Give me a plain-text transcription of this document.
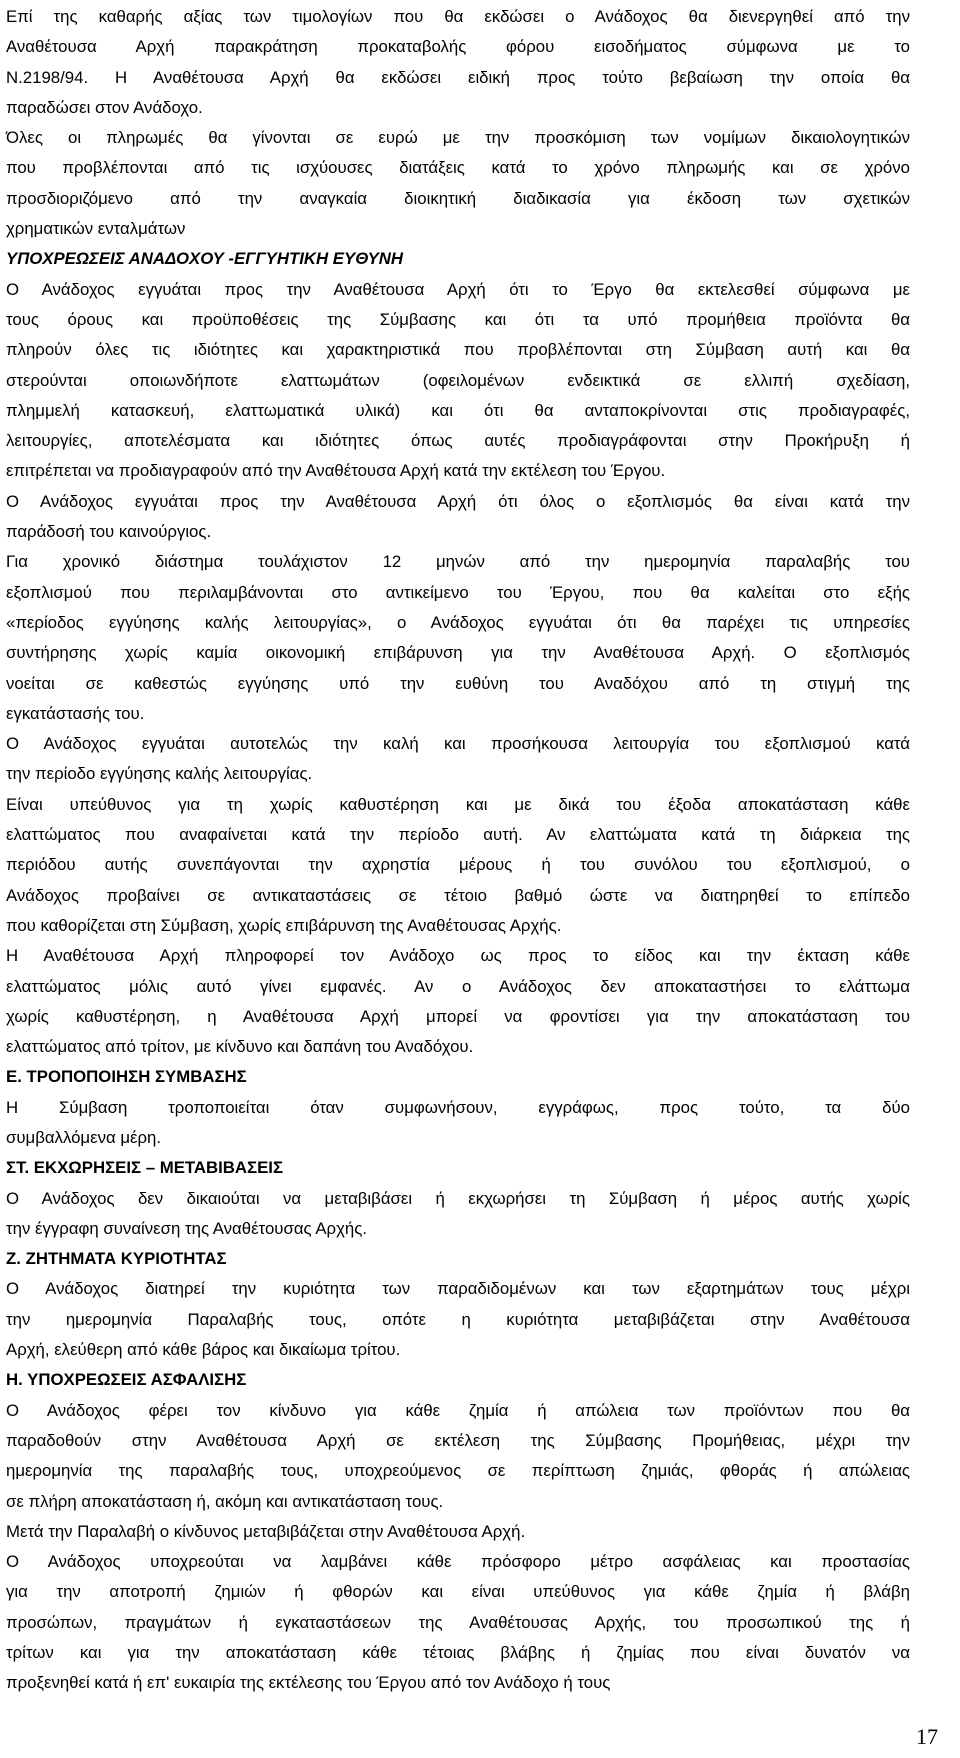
Επί της καθαρής αξίας των τιμολογίων που θα εκδώσει ο Ανάδοχος θα διενεργηθεί από την
Αναθέτουσα Αρχή παρακράτηση προκαταβολής φόρου εισοδήματος σύμφωνα με το
Ν.2198/94. Η Αναθέτουσα Αρχή θα εκδώσει ειδική προς τούτο βεβαίωση την οποία θα
παραδώσει στον Ανάδοχο.
Όλες οι πληρωμές θα γίνονται σε ευρώ με την προσκόμιση των νομίμων δικαιολογητικών
που προβλέπονται από τις ισχύουσες διατάξεις κατά το χρόνο πληρωμής και σε χρόνο
προσδιοριζόμενο από την αναγκαία διοικητική διαδικασία για έκδοση των σχετικών
χρηματικών ενταλμάτων
ΥΠΟΧΡΕΩΣΕΙΣ ΑΝΑΔΟΧΟΥ -ΕΓΓΥΗΤΙΚΗ ΕΥΘΥΝΗ
Ο Ανάδοχος εγγυάται προς την Αναθέτουσα Αρχή ότι το Έργο θα εκτελεσθεί σύμφωνα με
τους όρους και προϋποθέσεις της Σύμβασης και ότι τα υπό προμήθεια προϊόντα θα
πληρούν όλες τις ιδιότητες και χαρακτηριστικά που προβλέπονται στη Σύμβαση αυτή και θα
στερούνται οποιωνδήποτε ελαττωμάτων (οφειλομένων ενδεικτικά σε ελλιπή σχεδίαση,
πλημμελή κατασκευή, ελαττωματικά υλικά) και ότι θα ανταποκρίνονται στις προδιαγραφές,
λειτουργίες, αποτελέσματα και ιδιότητες όπως αυτές προδιαγράφονται στην Προκήρυξη ή
επιτρέπεται να προδιαγραφούν από την Αναθέτουσα Αρχή κατά την εκτέλεση του Έργου.
Ο Ανάδοχος εγγυάται προς την Αναθέτουσα Αρχή ότι όλος ο εξοπλισμός θα είναι κατά την
παράδοσή του καινούργιος.
Για χρονικό διάστημα τουλάχιστον 12 μηνών από την ημερομηνία παραλαβής του
εξοπλισμού που περιλαμβάνονται στο αντικείμενο του Έργου, που θα καλείται στο εξής
«περίοδος εγγύησης καλής λειτουργίας», ο Ανάδοχος εγγυάται ότι θα παρέχει τις υπηρεσίες
συντήρησης χωρίς καμία οικονομική επιβάρυνση για την Αναθέτουσα Αρχή. Ο εξοπλισμός
νοείται σε καθεστώς εγγύησης υπό την ευθύνη του Αναδόχου από τη στιγμή της
εγκατάστασής του.
Ο Ανάδοχος εγγυάται αυτοτελώς την καλή και προσήκουσα λειτουργία του εξοπλισμού κατά
την περίοδο εγγύησης καλής λειτουργίας.
Είναι υπεύθυνος για τη χωρίς καθυστέρηση και με δικά του έξοδα αποκατάσταση κάθε
ελαττώματος που αναφαίνεται κατά την περίοδο αυτή. Αν ελαττώματα κατά τη διάρκεια της
περιόδου αυτής συνεπάγονται την αχρηστία μέρους ή του συνόλου του εξοπλισμού, ο
Ανάδοχος προβαίνει σε αντικαταστάσεις σε τέτοιο βαθμό ώστε να διατηρηθεί το επίπεδο
που καθορίζεται στη Σύμβαση, χωρίς επιβάρυνση της Αναθέτουσας Αρχής.
Η Αναθέτουσα Αρχή πληροφορεί τον Ανάδοχο ως προς το είδος και την έκταση κάθε
ελαττώματος μόλις αυτό γίνει εμφανές. Αν ο Ανάδοχος δεν αποκαταστήσει το ελάττωμα
χωρίς καθυστέρηση, η Αναθέτουσα Αρχή μπορεί να φροντίσει για την αποκατάσταση του
ελαττώματος από τρίτον, με κίνδυνο και δαπάνη του Αναδόχου.
Ε. ΤΡΟΠΟΠΟΙΗΣΗ ΣΥΜΒΑΣΗΣ
Η Σύμβαση τροποποιείται όταν συμφωνήσουν, εγγράφως, προς τούτο, τα δύο
συμβαλλόμενα μέρη.
ΣΤ. ΕΚΧΩΡΗΣΕΙΣ – ΜΕΤΑΒΙΒΑΣΕΙΣ
Ο Ανάδοχος δεν δικαιούται να μεταβιβάσει ή εκχωρήσει τη Σύμβαση ή μέρος αυτής χωρίς
την έγγραφη συναίνεση της Αναθέτουσας Αρχής.
Ζ. ΖΗΤΗΜΑΤΑ ΚΥΡΙΟΤΗΤΑΣ
Ο Ανάδοχος διατηρεί την κυριότητα των παραδιδομένων και των εξαρτημάτων τους μέχρι
την ημερομηνία Παραλαβής τους, οπότε η κυριότητα μεταβιβάζεται στην Αναθέτουσα
Αρχή, ελεύθερη από κάθε βάρος και δικαίωμα τρίτου.
Η. ΥΠΟΧΡΕΩΣΕΙΣ ΑΣΦΑΛΙΣΗΣ
Ο Ανάδοχος φέρει τον κίνδυνο για κάθε ζημία ή απώλεια των προϊόντων που θα
παραδοθούν στην Αναθέτουσα Αρχή σε εκτέλεση της Σύμβασης Προμήθειας, μέχρι την
ημερομηνία της παραλαβής τους, υποχρεούμενος σε περίπτωση ζημιάς, φθοράς ή απώλειας
σε πλήρη αποκατάσταση ή, ακόμη και αντικατάσταση τους.
Μετά την Παραλαβή ο κίνδυνος μεταβιβάζεται στην Αναθέτουσα Αρχή.
Ο Ανάδοχος υποχρεούται να λαμβάνει κάθε πρόσφορο μέτρο ασφάλειας και προστασίας
για την αποτροπή ζημιών ή φθορών και είναι υπεύθυνος για κάθε ζημία ή βλάβη
προσώπων, πραγμάτων ή εγκαταστάσεων της Αναθέτουσας Αρχής, του προσωπικού της ή
τρίτων και για την αποκατάσταση κάθε τέτοιας βλάβης ή ζημίας που είναι δυνατόν να
προξενηθεί κατά ή επ' ευκαιρία της εκτέλεσης του Έργου από τον Ανάδοχο ή τους
17
